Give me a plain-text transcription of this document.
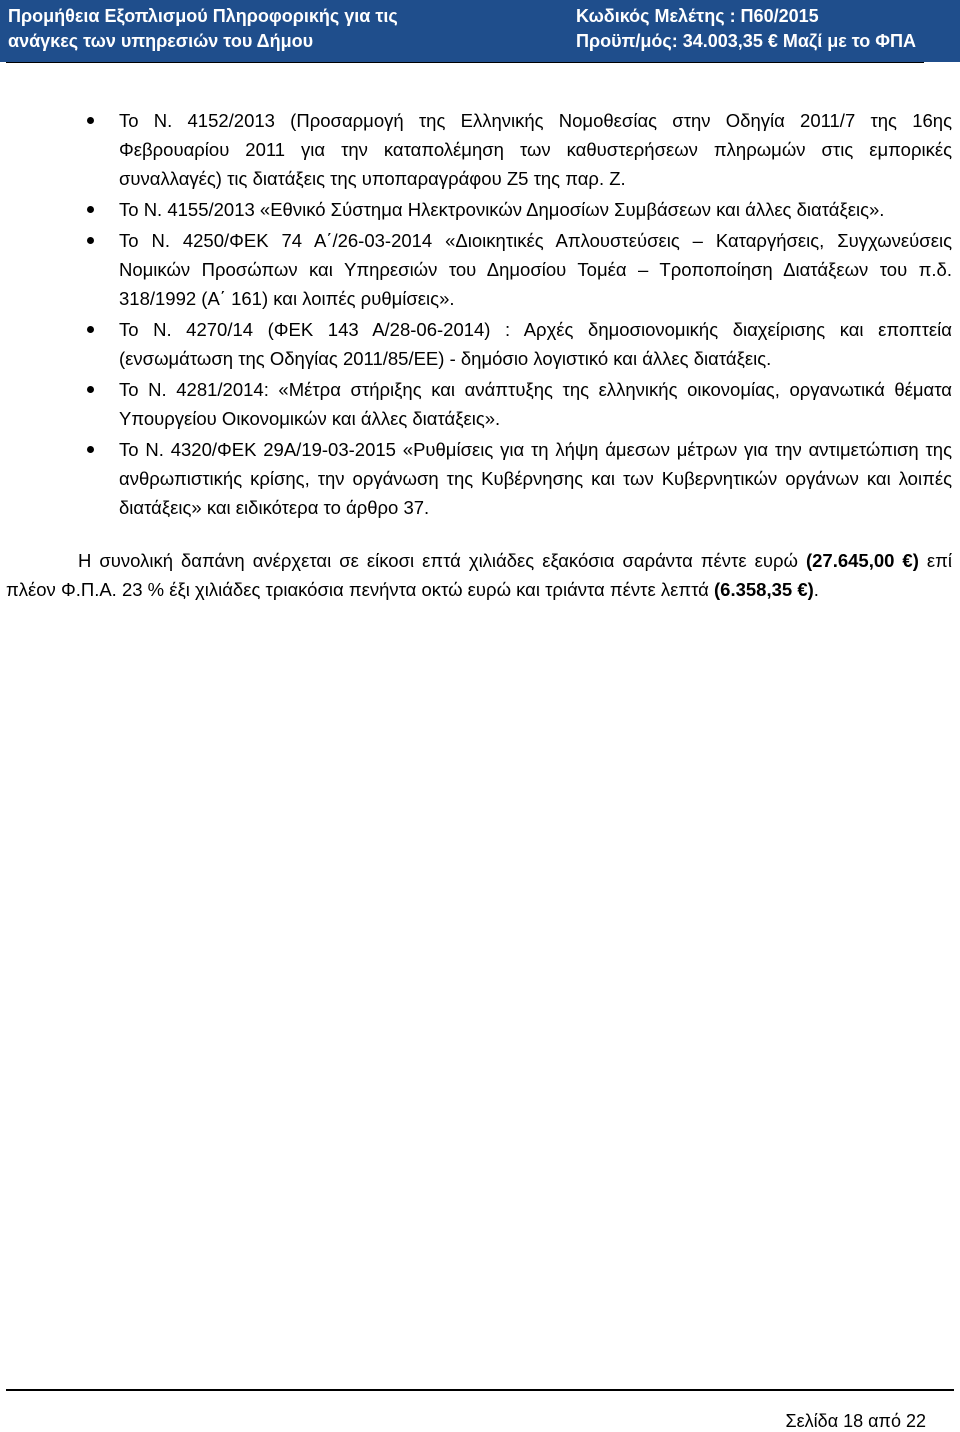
Προμήθεια Εξοπλισμού Πληροφορικής για τις
ανάγκες των υπηρεσιών του Δήμου
Κωδικός Μελέτης : Π60/2015
Προϋπ/μός: 34.003,35 € Μαζί με το ΦΠΑ
Το Ν. 4152/2013 (Προσαρμογή της Ελληνικής Νομοθεσίας στην Οδηγία 2011/7 της 16ης Φεβρουαρίου 2011 για την καταπολέμηση των καθυστερήσεων πληρωμών στις εμπορικές συναλλαγές) τις διατάξεις της υποπαραγράφου Ζ5 της παρ. Ζ.
Το Ν. 4155/2013 «Εθνικό Σύστημα Ηλεκτρονικών Δημοσίων Συμβάσεων και άλλες διατάξεις».
Το Ν. 4250/ΦΕΚ 74 Α΄/26-03-2014 «Διοικητικές Απλουστεύσεις – Καταργήσεις, Συγχωνεύσεις Νομικών Προσώπων και Υπηρεσιών του Δημοσίου Τομέα – Τροποποίηση Διατάξεων του π.δ. 318/1992 (Α΄ 161) και λοιπές ρυθμίσεις».
Το Ν. 4270/14 (ΦΕΚ 143 Α/28-06-2014) : Αρχές δημοσιονομικής διαχείρισης και εποπτεία (ενσωμάτωση της Οδηγίας 2011/85/ΕΕ) - δημόσιο λογιστικό και άλλες διατάξεις.
Το Ν. 4281/2014: «Μέτρα στήριξης και ανάπτυξης της ελληνικής οικονομίας, οργανωτικά θέματα Υπουργείου Οικονομικών και άλλες διατάξεις».
Το Ν. 4320/ΦΕΚ 29Α/19-03-2015 «Ρυθμίσεις για τη λήψη άμεσων μέτρων για την αντιμετώπιση της ανθρωπιστικής κρίσης, την οργάνωση της Κυβέρνησης και των Κυβερνητικών οργάνων και λοιπές διατάξεις» και ειδικότερα το άρθρο 37.

Η συνολική δαπάνη ανέρχεται σε είκοσι επτά χιλιάδες εξακόσια σαράντα πέντε ευρώ (27.645,00 €) επί πλέον Φ.Π.Α. 23 % έξι χιλιάδες τριακόσια πενήντα οκτώ ευρώ και τριάντα πέντε λεπτά (6.358,35 €).

Σελίδα 18 από 22
